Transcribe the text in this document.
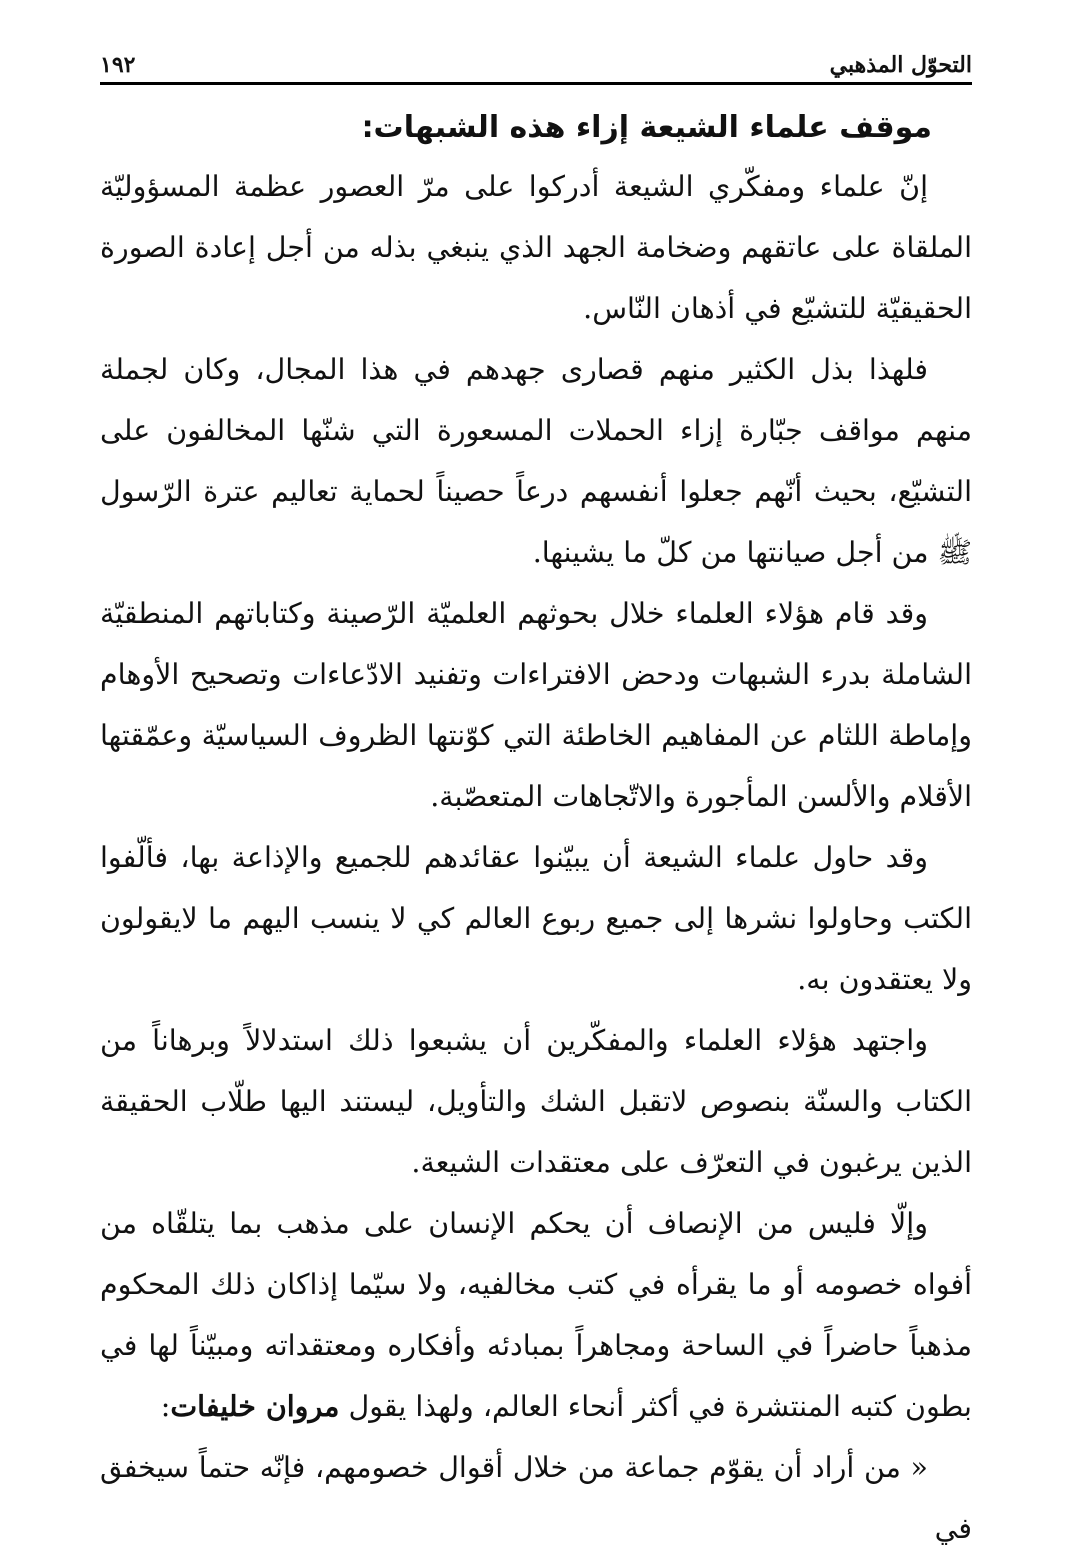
التحوّل المذهبي
١٩٢
موقف علماء الشيعة إزاء هذه الشبهات:

إنّ علماء ومفكّري الشيعة أدركوا على مرّ العصور عظمة المسؤوليّة الملقاة على عاتقهم وضخامة الجهد الذي ينبغي بذله من أجل إعادة الصورة الحقيقيّة للتشيّع في أذهان النّاس.

فلهذا بذل الكثير منهم قصارى جهدهم في هذا المجال، وكان لجملة منهم مواقف جبّارة إزاء الحملات المسعورة التي شنّها المخالفون على التشيّع، بحيث أنّهم جعلوا أنفسهم درعاً حصيناً لحماية تعاليم عترة الرّسول ﷺ من أجل صيانتها من كلّ ما يشينها.

وقد قام هؤلاء العلماء خلال بحوثهم العلميّة الرّصينة وكتاباتهم المنطقيّة الشاملة بدرء الشبهات ودحض الافتراءات وتفنيد الادّعاءات وتصحيح الأوهام وإماطة اللثام عن المفاهيم الخاطئة التي كوّنتها الظروف السياسيّة وعمّقتها الأقلام والألسن المأجورة والاتّجاهات المتعصّبة.

وقد حاول علماء الشيعة أن يبيّنوا عقائدهم للجميع والإذاعة بها، فألّفوا الكتب وحاولوا نشرها إلى جميع ربوع العالم كي لا ينسب اليهم ما لايقولون ولا يعتقدون به.

واجتهد هؤلاء العلماء والمفكّرين أن يشبعوا ذلك استدلالاً وبرهاناً من الكتاب والسنّة بنصوص لاتقبل الشك والتأويل، ليستند اليها طلّاب الحقيقة الذين يرغبون في التعرّف على معتقدات الشيعة.

وإلّا فليس من الإنصاف أن يحكم الإنسان على مذهب بما يتلقّاه من أفواه خصومه أو ما يقرأه في كتب مخالفيه، ولا سيّما إذاكان ذلك المحكوم مذهباً حاضراً في الساحة ومجاهراً بمبادئه وأفكاره ومعتقداته ومبيّناً لها في بطون كتبه المنتشرة في أكثر أنحاء العالم، ولهذا يقول مروان خليفات:

« من أراد أن يقوّم جماعة من خلال أقوال خصومهم، فإنّه حتماً سيخفق في
